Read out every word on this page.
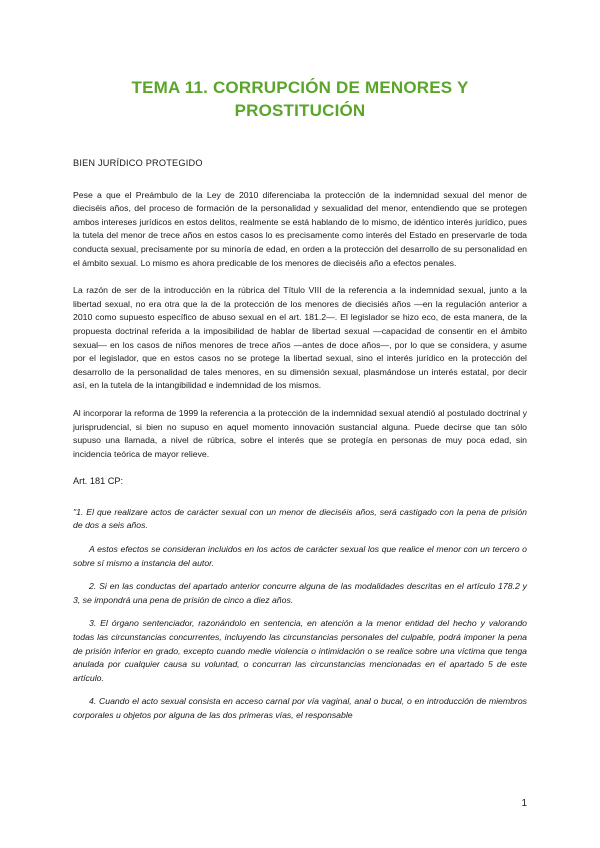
TEMA 11. CORRUPCIÓN DE MENORES Y PROSTITUCIÓN
BIEN JURÍDICO PROTEGIDO

Pese a que el Preámbulo de la Ley de 2010 diferenciaba la protección de la indemnidad sexual del menor de dieciséis años, del proceso de formación de la personalidad y sexualidad del menor, entendiendo que se protegen ambos intereses jurídicos en estos delitos, realmente se está hablando de lo mismo, de idéntico interés jurídico, pues la tutela del menor de trece años en estos casos lo es precisamente como interés del Estado en preservarle de toda conducta sexual, precisamente por su minoría de edad, en orden a la protección del desarrollo de su personalidad en el ámbito sexual. Lo mismo es ahora predicable de los menores de dieciséis año a efectos penales.

La razón de ser de la introducción en la rúbrica del Título VIII de la referencia a la indemnidad sexual, junto a la libertad sexual, no era otra que la de la protección de los menores de diecisiés años —en la regulación anterior a 2010 como supuesto específico de abuso sexual en el art. 181.2—. El legislador se hizo eco, de esta manera, de la propuesta doctrinal referida a la imposibilidad de hablar de libertad sexual —capacidad de consentir en el ámbito sexual— en los casos de niños menores de trece años —antes de doce años—, por lo que se considera, y asume por el legislador, que en estos casos no se protege la libertad sexual, sino el interés jurídico en la protección del desarrollo de la personalidad de tales menores, en su dimensión sexual, plasmándose un interés estatal, por decir así, en la tutela de la intangibilidad e indemnidad de los mismos.

Al incorporar la reforma de 1999 la referencia a la protección de la indemnidad sexual atendió al postulado doctrinal y jurisprudencial, si bien no supuso en aquel momento innovación sustancial alguna. Puede decirse que tan sólo supuso una llamada, a nivel de rúbrica, sobre el interés que se protegía en personas de muy poca edad, sin incidencia teórica de mayor relieve.

Art. 181 CP:

"1. El que realizare actos de carácter sexual con un menor de dieciséis años, será castigado con la pena de prisión de dos a seis años.

A estos efectos se consideran incluidos en los actos de carácter sexual los que realice el menor con un tercero o sobre sí mismo a instancia del autor.

2. Si en las conductas del apartado anterior concurre alguna de las modalidades descritas en el artículo 178.2 y 3, se impondrá una pena de prisión de cinco a diez años.

3. El órgano sentenciador, razonándolo en sentencia, en atención a la menor entidad del hecho y valorando todas las circunstancias concurrentes, incluyendo las circunstancias personales del culpable, podrá imponer la pena de prisión inferior en grado, excepto cuando medie violencia o intimidación o se realice sobre una víctima que tenga anulada por cualquier causa su voluntad, o concurran las circunstancias mencionadas en el apartado 5 de este artículo.

4. Cuando el acto sexual consista en acceso carnal por vía vaginal, anal o bucal, o en introducción de miembros corporales u objetos por alguna de las dos primeras vías, el responsable

1
